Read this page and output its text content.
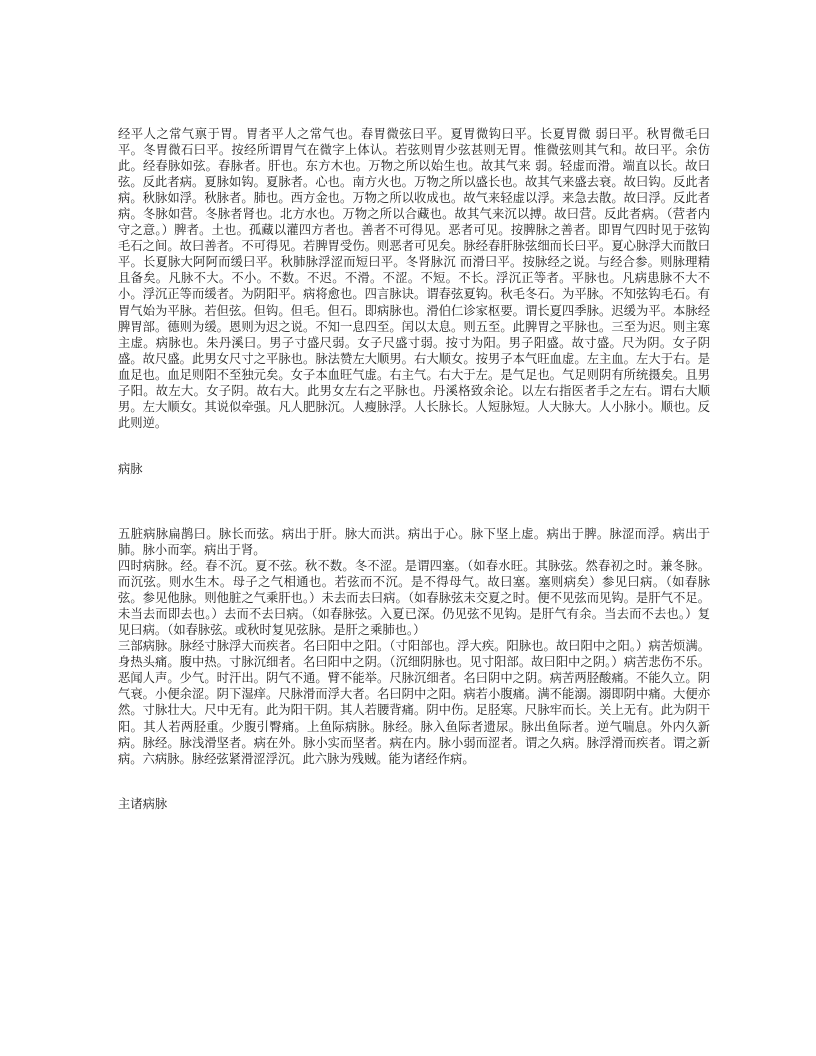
经平人之常气禀于胃。胃者平人之常气也。春胃微弦曰平。夏胃微钩曰平。长夏胃微 弱曰平。秋胃微毛曰平。冬胃微石曰平。按经所谓胃气在微字上体认。若弦则胃少弦甚则无胃。惟微弦则其气和。故曰平。余仿此。经春脉如弦。春脉者。肝也。东方木也。万物之所以始生也。故其气来 弱。轻虚而滑。端直以长。故曰弦。反此者病。夏脉如钩。夏脉者。心也。南方火也。万物之所以盛长也。故其气来盛去衰。故曰钩。反此者病。秋脉如浮。秋脉者。肺也。西方金也。万物之所以收成也。故气来轻虚以浮。来急去散。故曰浮。反此者病。冬脉如营。冬脉者肾也。北方水也。万物之所以合藏也。故其气来沉以搏。故曰营。反此者病。（营者内守之意。）脾者。土也。孤藏以灌四方者也。善者不可得见。恶者可见。按脾脉之善者。即胃气四时见于弦钩毛石之间。故曰善者。不可得见。若脾胃受伤。则恶者可见矣。脉经春肝脉弦细而长曰平。夏心脉浮大而散曰平。长夏脉大阿阿而缓曰平。秋肺脉浮涩而短曰平。冬肾脉沉 而滑曰平。按脉经之说。与经合参。则脉理精且备矣。凡脉不大。不小。不数。不迟。不滑。不涩。不短。不长。浮沉正等者。平脉也。凡病患脉不大不小。浮沉正等而缓者。为阴阳平。病将愈也。四言脉诀。谓春弦夏钩。秋毛冬石。为平脉。不知弦钩毛石。有胃气始为平脉。若但弦。但钩。但毛。但石。即病脉也。滑伯仁诊家枢要。谓长夏四季脉。迟缓为平。本脉经脾胃部。德则为缓。恩则为迟之说。不知一息四至。闰以太息。则五至。此脾胃之平脉也。三至为迟。则主寒主虚。病脉也。朱丹溪曰。男子寸盛尺弱。女子尺盛寸弱。按寸为阳。男子阳盛。故寸盛。尺为阴。女子阴盛。故尺盛。此男女尺寸之平脉也。脉法赞左大顺男。右大顺女。按男子本气旺血虚。左主血。左大于右。是血足也。血足则阳不至独元矣。女子本血旺气虚。右主气。右大于左。是气足也。气足则阴有所统摄矣。且男子阳。故左大。女子阴。故右大。此男女左右之平脉也。丹溪格致余论。以左右指医者手之左右。谓右大顺男。左大顺女。其说似牵强。凡人肥脉沉。人瘦脉浮。人长脉长。人短脉短。人大脉大。人小脉小。顺也。反此则逆。

病脉

五脏病脉扁鹊曰。脉长而弦。病出于肝。脉大而洪。病出于心。脉下坚上虚。病出于脾。脉涩而浮。病出于肺。脉小而挛。病出于肾。

四时病脉。经。春不沉。夏不弦。秋不数。冬不涩。是谓四塞。（如春水旺。其脉弦。然春初之时。兼冬脉。而沉弦。则水生木。母子之气相通也。若弦而不沉。是不得母气。故曰塞。塞则病矣）参见曰病。（如春脉弦。参见他脉。则他脏之气乘肝也。）未去而去曰病。（如春脉弦未交夏之时。便不见弦而见钩。是肝气不足。未当去而即去也。）去而不去曰病。（如春脉弦。入夏已深。仍见弦不见钩。是肝气有余。当去而不去也。）复见曰病。（如春脉弦。或秋时复见弦脉。是肝之乘肺也。）

三部病脉。脉经寸脉浮大而疾者。名曰阳中之阳。（寸阳部也。浮大疾。阳脉也。故曰阳中之阳。）病苦烦满。身热头痛。腹中热。寸脉沉细者。名曰阳中之阴。（沉细阴脉也。见寸阳部。故曰阳中之阴。）病苦悲伤不乐。恶闻人声。少气。时汗出。阴气不通。臂不能举。尺脉沉细者。名曰阴中之阴。病苦两胫酸痛。不能久立。阴气衰。小便余涩。阴下湿痒。尺脉滑而浮大者。名曰阴中之阳。病若小腹痛。满不能溺。溺即阴中痛。大便亦然。寸脉壮大。尺中无有。此为阳干阴。其人若腰背痛。阴中伤。足胫寒。尺脉牢而长。关上无有。此为阴干阳。其人若两胫重。少腹引臀痛。上鱼际病脉。脉经。脉入鱼际者遗尿。脉出鱼际者。逆气喘息。外内久新病。脉经。脉浅滑坚者。病在外。脉小实而坚者。病在内。脉小弱而涩者。谓之久病。脉浮滑而疾者。谓之新病。六病脉。脉经弦紧滑涩浮沉。此六脉为残贼。能为诸经作病。

主诸病脉
